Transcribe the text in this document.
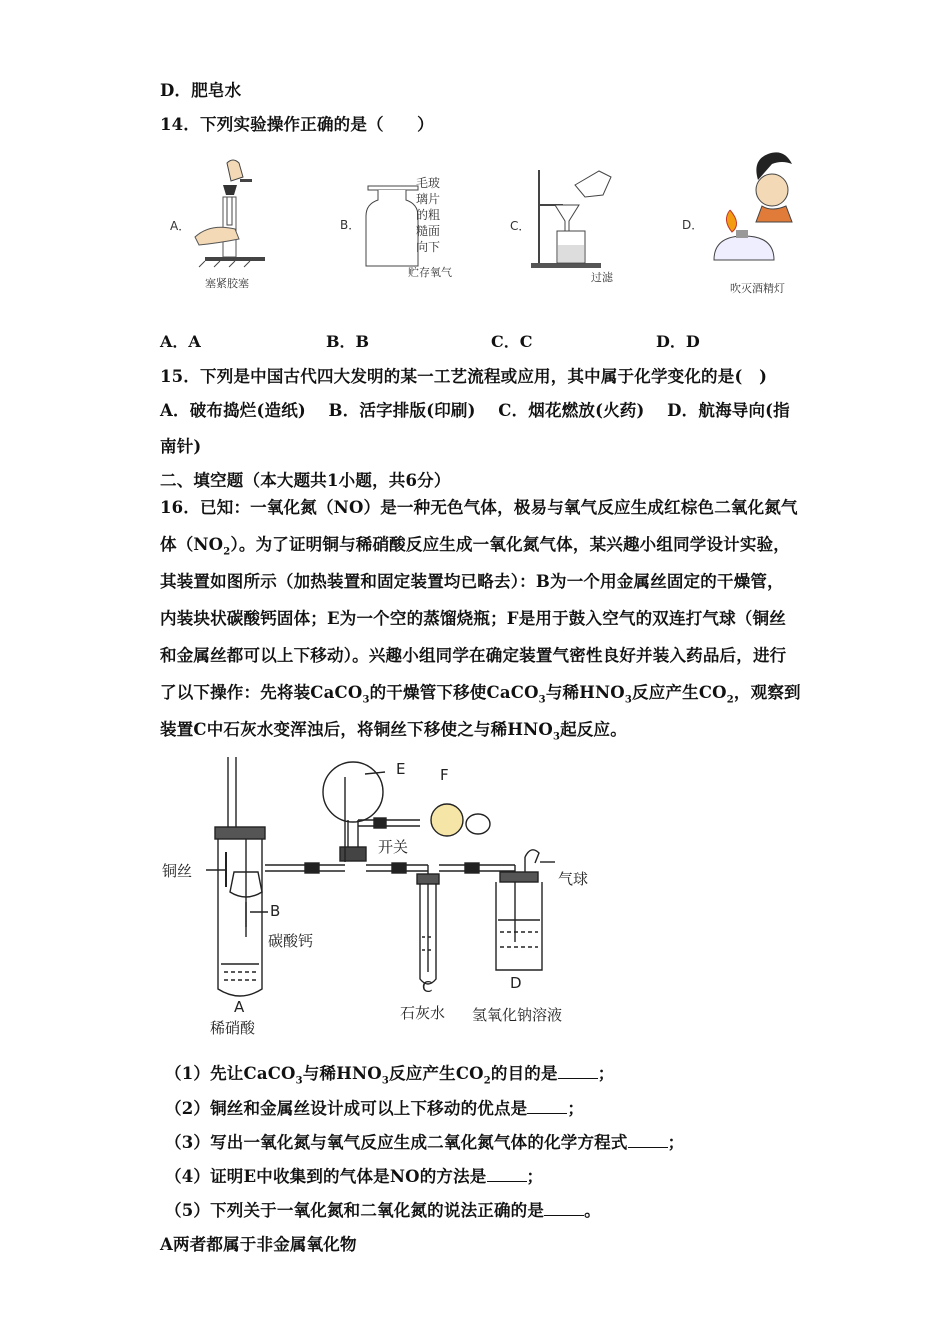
D．肥皂水
14．下列实验操作正确的是（　　）
A．
塞紧胶塞
B．
毛玻
璃片
的粗
糙面
向下
贮存氧气
C．
过滤
D．
吹灭酒精灯
A．A	B．B	C．C	D．D
15．下列是中国古代四大发明的某一工艺流程或应用，其中属于化学变化的是(　)
A．破布捣烂(造纸)　 B．活字排版(印刷)　 C．烟花燃放(火药)　 D．航海导向(指
南针)
二、填空题（本大题共1小题，共6分）
16．已知：一氧化氮（NO）是一种无色气体，极易与氧气反应生成红棕色二氧化氮气
体$(NO_2)$。为了证明铜与稀硝酸反应生成一氧化氮气体，某兴趣小组同学设计实验，
其装置如图所示（加热装置和固定装置均已略去）：B为一个用金属丝固定的干燥管，
内装块状碳酸钙固体；E为一个空的蒸馏烧瓶；F是用于鼓入空气的双连打气球（铜丝
和金属丝都可以上下移动）。兴趣小组同学在确定装置气密性良好并装入药品后，进行
了以下操作：先将装CaCO$_3$的干燥管下移使CaCO$_3$与稀$HNO_3$反应产生$CO_2$，观察到
装置C中石灰水变浑浊后，将铜丝下移使之与稀$HNO_3$起反应。
E F
开关
铜丝
B
碳酸钙
A
稀硝酸
气球
C
石灰水
D
氢氧化钠溶液
（1）先让CaCO$_3$与稀$HNO_3$反应产生$CO_2$的目的是 ；
（2）铜丝和金属丝设计成可以上下移动的优点是 ；
（3）写出一氧化氮与氧气反应生成二氧化氮气体的化学方程式 ；
（4）证明E中收集到的气体是NO的方法是 ；
（5）下列关于一氧化氮和二氧化氮的说法正确的是 。
A两者都属于非金属氧化物
